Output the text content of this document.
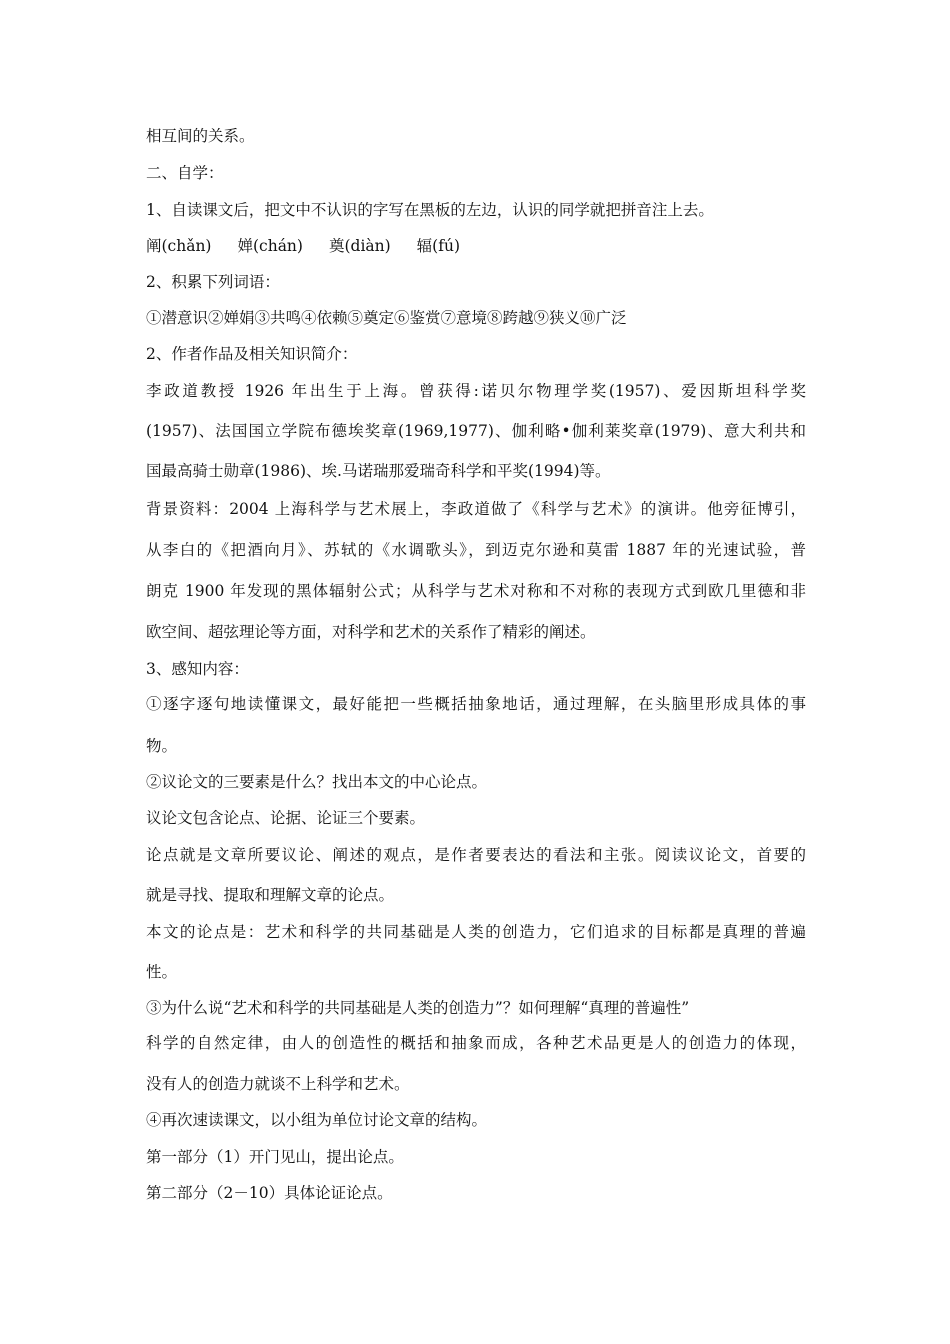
相互间的关系。

二、自学：

1、自读课文后，把文中不认识的字写在黑板的左边，认识的同学就把拼音注上去。

阐(chǎn) 婵(chán) 奠(diàn) 辐(fú)

2、积累下列词语：

①潜意识②婵娟③共鸣④依赖⑤奠定⑥鉴赏⑦意境⑧跨越⑨狭义⑩广泛

2、作者作品及相关知识简介：

李政道教授 1926 年出生于上海。曾获得:诺贝尔物理学奖(1957)、爱因斯坦科学奖

(1957)、法国国立学院布德埃奖章(1969,1977)、伽利略•伽利莱奖章(1979)、意大利共和

国最高骑士勋章(1986)、埃.马诺瑞那爱瑞奇科学和平奖(1994)等。

背景资料：2004 上海科学与艺术展上，李政道做了《科学与艺术》的演讲。他旁征博引，

从李白的《把酒向月》、苏轼的《水调歌头》，到迈克尔逊和莫雷 1887 年的光速试验，普

朗克 1900 年发现的黑体辐射公式；从科学与艺术对称和不对称的表现方式到欧几里德和非

欧空间、超弦理论等方面，对科学和艺术的关系作了精彩的阐述。

3、感知内容：

①逐字逐句地读懂课文，最好能把一些概括抽象地话，通过理解，在头脑里形成具体的事

物。

②议论文的三要素是什么？找出本文的中心论点。

议论文包含论点、论据、论证三个要素。

论点就是文章所要议论、阐述的观点，是作者要表达的看法和主张。阅读议论文，首要的

就是寻找、提取和理解文章的论点。

本文的论点是：艺术和科学的共同基础是人类的创造力，它们追求的目标都是真理的普遍

性。

③为什么说“艺术和科学的共同基础是人类的创造力”？如何理解“真理的普遍性”

科学的自然定律，由人的创造性的概括和抽象而成，各种艺术品更是人的创造力的体现，

没有人的创造力就谈不上科学和艺术。

④再次速读课文，以小组为单位讨论文章的结构。

第一部分（1）开门见山，提出论点。

第二部分（2－10）具体论证论点。
